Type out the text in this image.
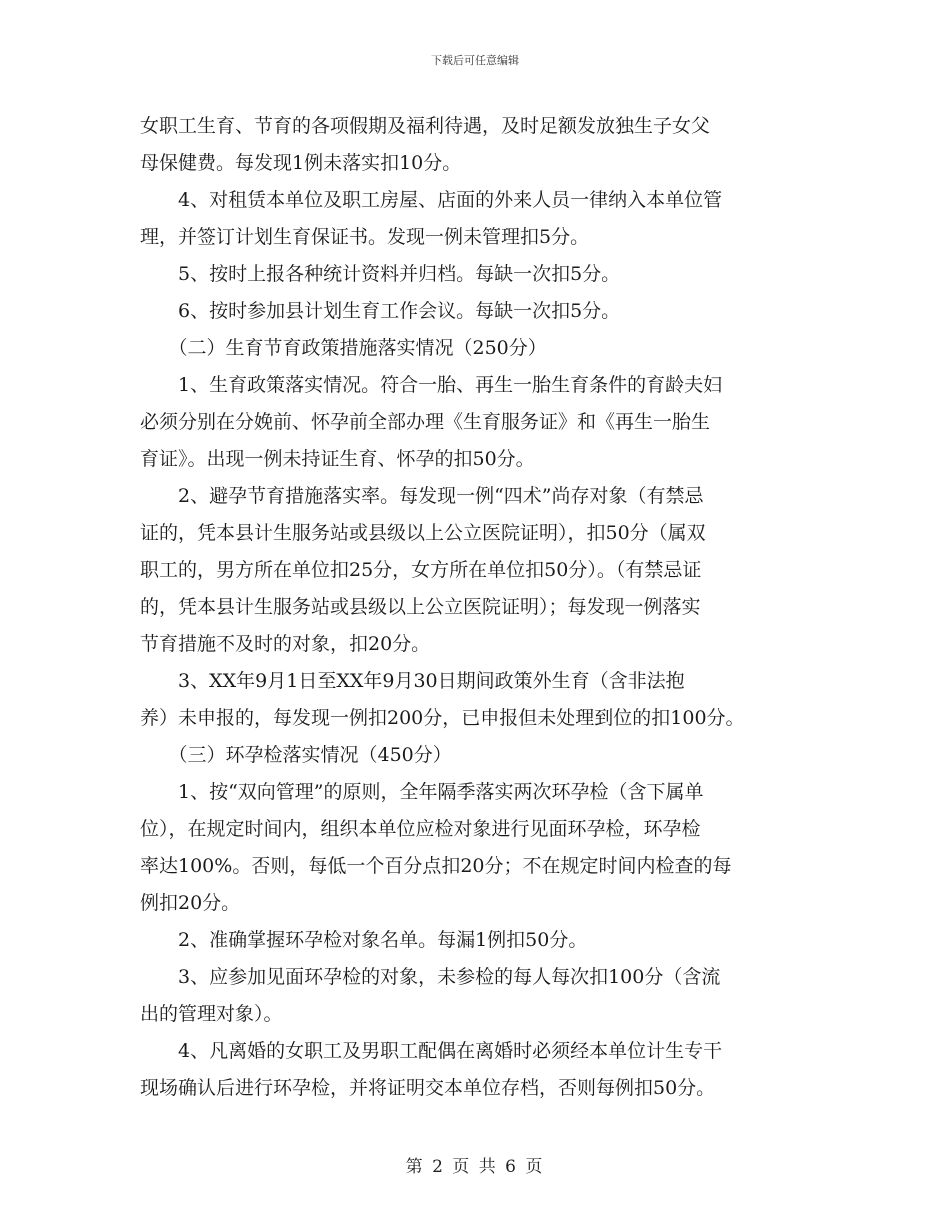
下载后可任意编辑
女职工生育、节育的各项假期及福利待遇，及时足额发放独生子女父
母保健费。每发现1例未落实扣10分。
　　4、对租赁本单位及职工房屋、店面的外来人员一律纳入本单位管
理，并签订计划生育保证书。发现一例未管理扣5分。
　　5、按时上报各种统计资料并归档。每缺一次扣5分。
　　6、按时参加县计划生育工作会议。每缺一次扣5分。
　　（二）生育节育政策措施落实情况（250分）
　　1、生育政策落实情况。符合一胎、再生一胎生育条件的育龄夫妇
必须分别在分娩前、怀孕前全部办理《生育服务证》和《再生一胎生
育证》。出现一例未持证生育、怀孕的扣50分。
　　2、避孕节育措施落实率。每发现一例“四术”尚存对象（有禁忌
证的，凭本县计生服务站或县级以上公立医院证明），扣50分（属双
职工的，男方所在单位扣25分，女方所在单位扣50分）。（有禁忌证
的，凭本县计生服务站或县级以上公立医院证明）；每发现一例落实
节育措施不及时的对象，扣20分。
　　3、XX年9月1日至XX年9月30日期间政策外生育（含非法抱
养）未申报的，每发现一例扣200分，已申报但未处理到位的扣100分。
　　（三）环孕检落实情况（450分）
　　1、按“双向管理”的原则，全年隔季落实两次环孕检（含下属单
位），在规定时间内，组织本单位应检对象进行见面环孕检，环孕检
率达100%。否则，每低一个百分点扣20分；不在规定时间内检查的每
例扣20分。
　　2、准确掌握环孕检对象名单。每漏1例扣50分。
　　3、应参加见面环孕检的对象，未参检的每人每次扣100分（含流
出的管理对象）。
　　4、凡离婚的女职工及男职工配偶在离婚时必须经本单位计生专干
现场确认后进行环孕检，并将证明交本单位存档，否则每例扣50分。
第 2 页 共 6 页
